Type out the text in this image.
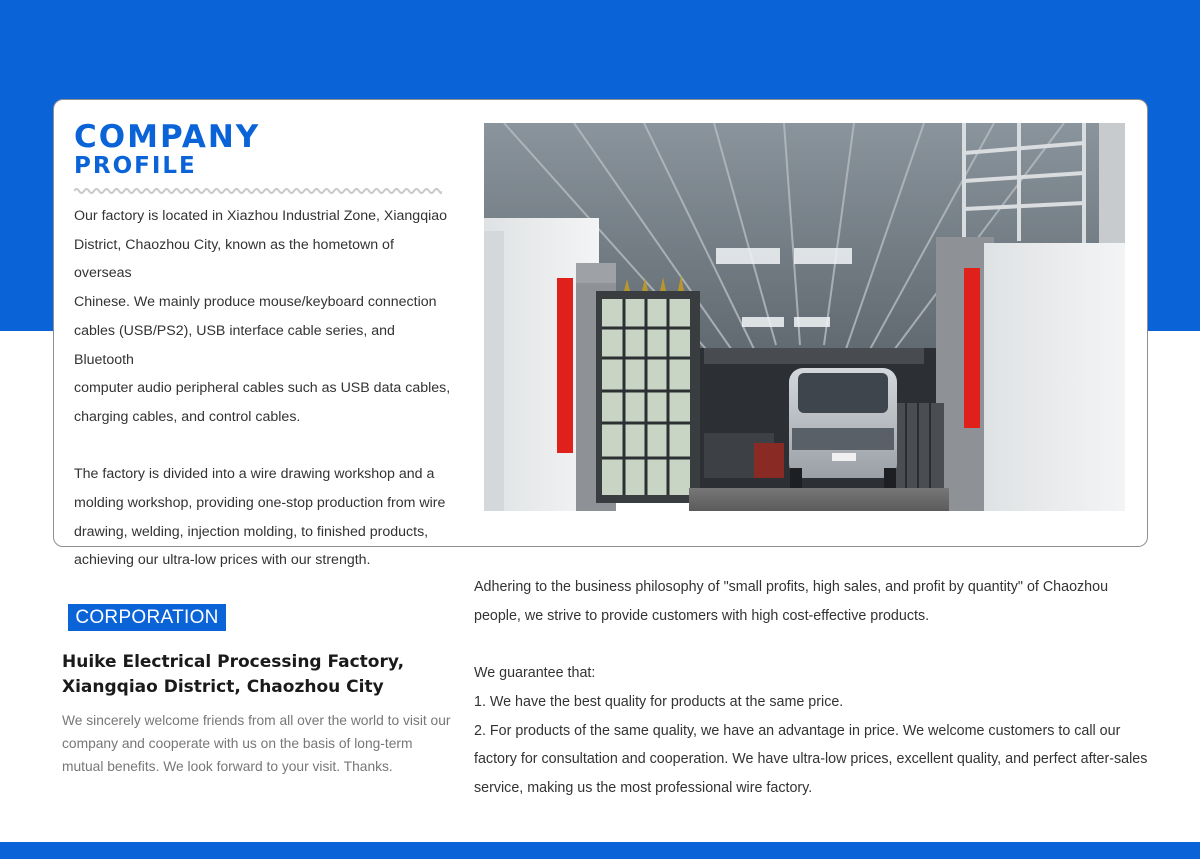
COMPANY
PROFILE

Our factory is located in Xiazhou Industrial Zone, Xiangqiao
District, Chaozhou City, known as the hometown of overseas
Chinese. We mainly produce mouse/keyboard connection
cables (USB/PS2), USB interface cable series, and Bluetooth
computer audio peripheral cables such as USB data cables,
charging cables, and control cables.

The factory is divided into a wire drawing workshop and a
molding workshop, providing one-stop production from wire
drawing, welding, injection molding, to finished products,
achieving our ultra-low prices with our strength.

CORPORATION
Huike Electrical Processing Factory,
Xiangqiao District, Chaozhou City
We sincerely welcome friends from all over the world to visit our company and cooperate with us on the basis of long-term mutual benefits. We look forward to your visit. Thanks.

Adhering to the business philosophy of "small profits, high sales, and profit by quantity" of Chaozhou people, we strive to provide customers with high cost-effective products.

We guarantee that:

1. We have the best quality for products at the same price.

2. For products of the same quality, we have an advantage in price. We welcome customers to call our factory for consultation and cooperation. We have ultra-low prices, excellent quality, and perfect after-sales service, making us the most professional wire factory.
